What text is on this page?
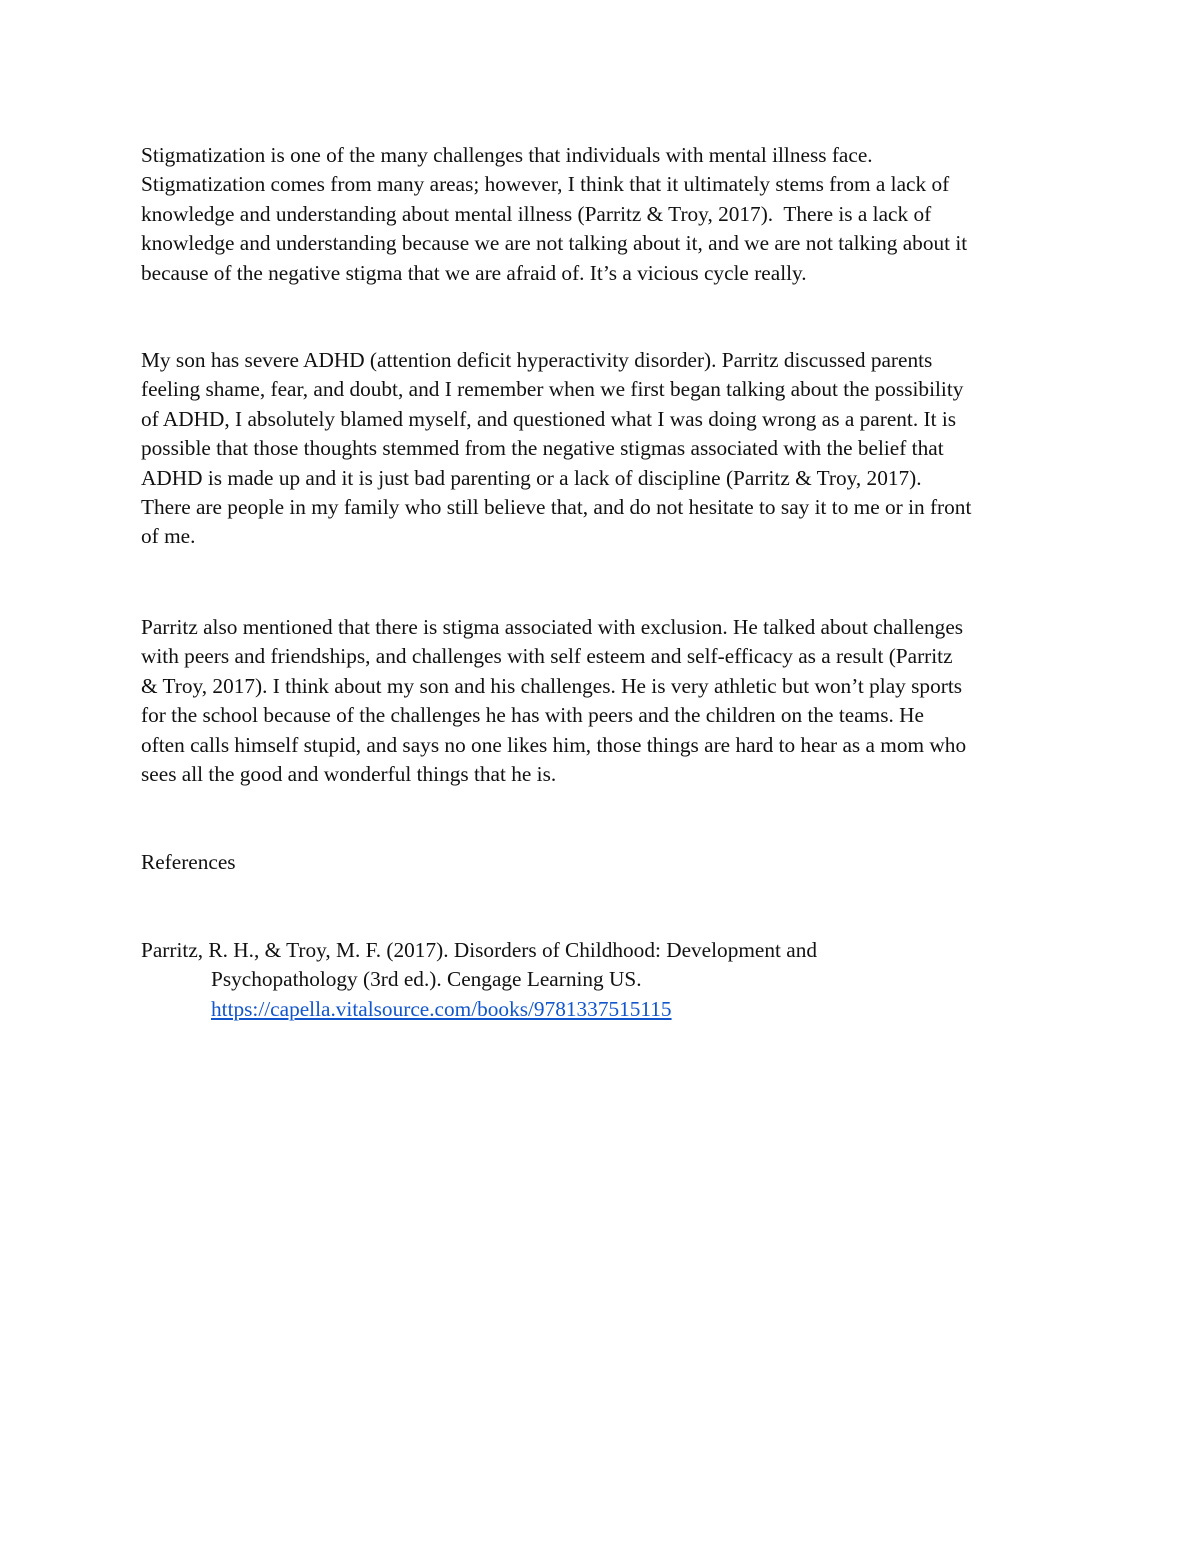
Stigmatization is one of the many challenges that individuals with mental illness face.
Stigmatization comes from many areas; however, I think that it ultimately stems from a lack of
knowledge and understanding about mental illness (Parritz & Troy, 2017).  There is a lack of
knowledge and understanding because we are not talking about it, and we are not talking about it
because of the negative stigma that we are afraid of. It’s a vicious cycle really.
My son has severe ADHD (attention deficit hyperactivity disorder). Parritz discussed parents
feeling shame, fear, and doubt, and I remember when we first began talking about the possibility
of ADHD, I absolutely blamed myself, and questioned what I was doing wrong as a parent. It is
possible that those thoughts stemmed from the negative stigmas associated with the belief that
ADHD is made up and it is just bad parenting or a lack of discipline (Parritz & Troy, 2017).
There are people in my family who still believe that, and do not hesitate to say it to me or in front
of me.
Parritz also mentioned that there is stigma associated with exclusion. He talked about challenges
with peers and friendships, and challenges with self esteem and self-efficacy as a result (Parritz
& Troy, 2017). I think about my son and his challenges. He is very athletic but won’t play sports
for the school because of the challenges he has with peers and the children on the teams. He
often calls himself stupid, and says no one likes him, those things are hard to hear as a mom who
sees all the good and wonderful things that he is.
References
Parritz, R. H., & Troy, M. F. (2017). Disorders of Childhood: Development and
Psychopathology (3rd ed.). Cengage Learning US.
https://capella.vitalsource.com/books/9781337515115
